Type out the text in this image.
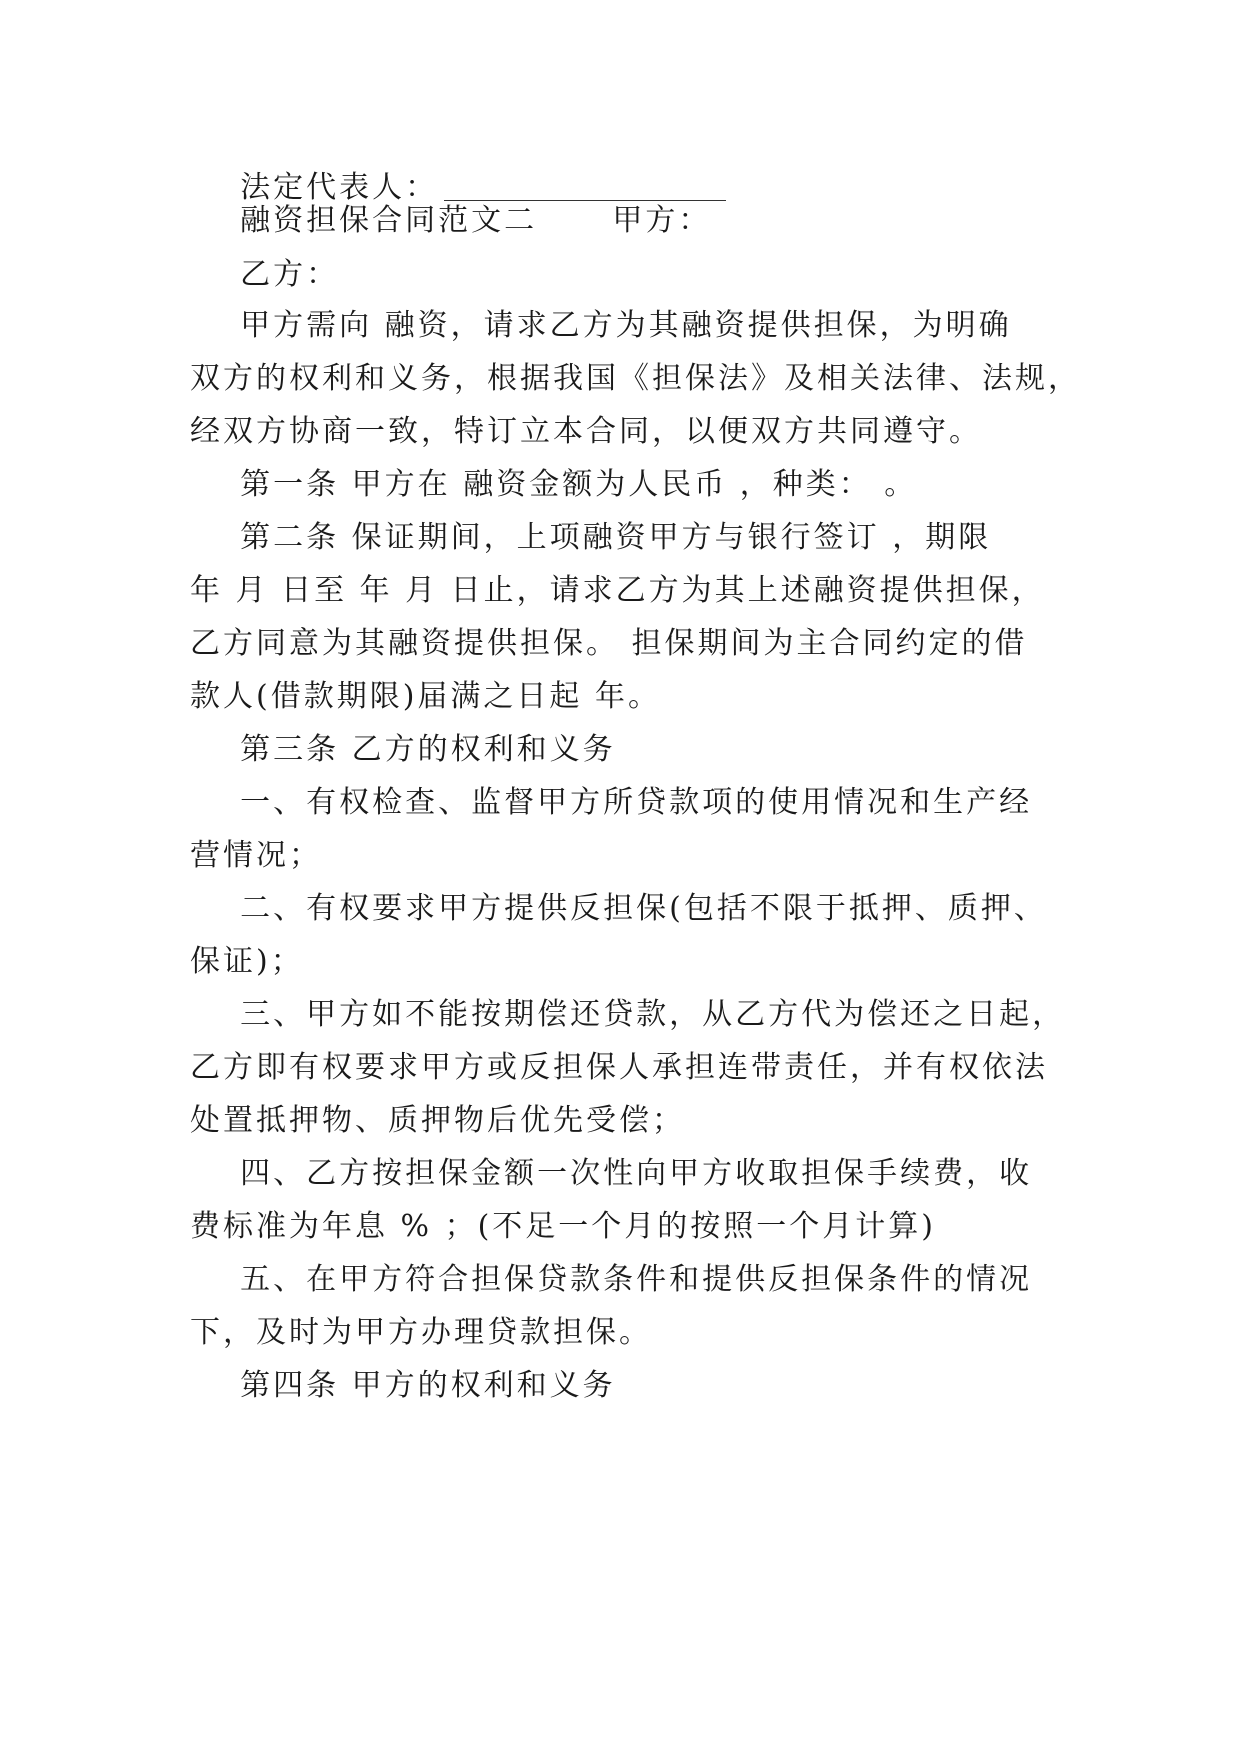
法定代表人：
融资担保合同范文二      甲方：
乙方：
甲方需向 融资，请求乙方为其融资提供担保，为明确
双方的权利和义务，根据我国《担保法》及相关法律、法规，
经双方协商一致，特订立本合同，以便双方共同遵守。
第一条 甲方在 融资金额为人民币 ，种类： 。
第二条 保证期间，上项融资甲方与银行签订 ，期限
年 月 日至 年 月 日止，请求乙方为其上述融资提供担保，
乙方同意为其融资提供担保。 担保期间为主合同约定的借
款人(借款期限)届满之日起 年。
第三条 乙方的权利和义务
一、有权检查、监督甲方所贷款项的使用情况和生产经
营情况；
二、有权要求甲方提供反担保(包括不限于抵押、质押、
保证)；
三、甲方如不能按期偿还贷款，从乙方代为偿还之日起，
乙方即有权要求甲方或反担保人承担连带责任，并有权依法
处置抵押物、质押物后优先受偿；
四、乙方按担保金额一次性向甲方收取担保手续费，收
费标准为年息 % ；(不足一个月的按照一个月计算)
五、在甲方符合担保贷款条件和提供反担保条件的情况
下，及时为甲方办理贷款担保。
第四条 甲方的权利和义务
